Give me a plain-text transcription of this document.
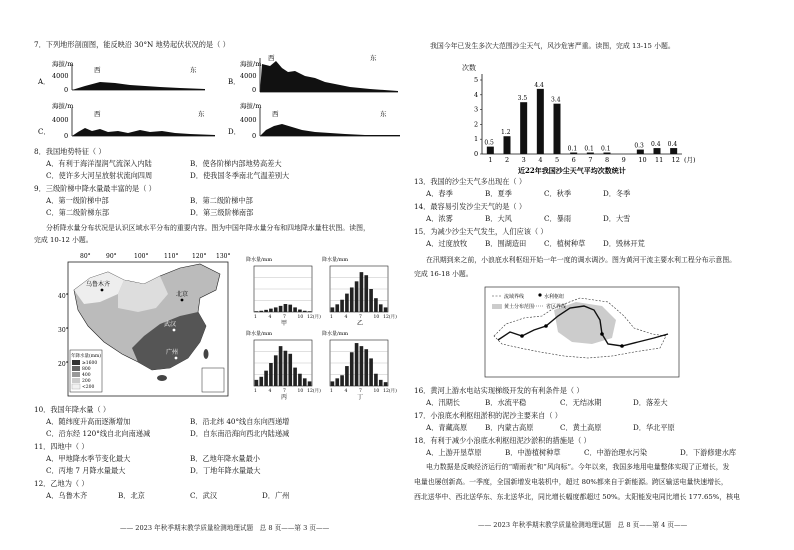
7．下列地形剖面图，能反映沿 30°N 地势起伏状况的是（ ）
A．
海拔/m
4000
0
西	东
B．
海拔/m
4000
0
西	东
C．
海拔/m
4000
0
西	东
D．
海拔/m
4000
0
西	东
8．我国地势特征（ ）
A．有利于海洋湿润气流深入内陆	B．使各阶梯内部地势高差大
C．使许多大河呈放射状流向四周	D．使我国冬季南北气温差别大
9．三级阶梯中降水量最丰富的是（ ）
A．第一级阶梯中部	B．第二级阶梯中部
C．第二级阶梯东部	D．第三级阶梯南部
分析降水量分布状况是认识区域水平分布的重要内容。图为中国年降水量分布和四地降水量柱状图。读图，
完成 10-12 小题。
80°	90°	100°	110° 120° 130°
40°
30°
20°
乌鲁木齐
北京
武汉
广州
年降水量(mm)
≥1600
800
400
200
<200
降水量/mm
1	4	7	10 12(月)
甲
降水量/mm
1	4	7	10 12(月)
乙
降水量/mm
1	4	7	10 12(月)
丙
降水量/mm
1	4	7	10 12(月)
丁
10．我国年降水量（ ）
A．随纬度升高而逐渐增加	B．沿北纬 40°线自东向西递增
C．沿东经 120°线自北向南递减	D．自东南沿海向西北内陆递减
11．四地中（ ）
A．甲地降水季节变化最大	B．乙地年降水量最小
C．丙地 7 月降水量最大	D．丁地年降水量最大
12．乙地为（ ）
A．乌鲁木齐	B．北京	C．武汉	D．广州
—— 2023 年秋季期末教学质量检测地理试题　总 8 页——第 3 页——
我国今年已发生多次大范围沙尘天气，风沙危害严重。读图，完成 13-15 小题。
次数
0
1
2
3
4
5
0.5
1
1.2
2
3.5
3
4.4
4
3.4
5
0.1
6
0.1
7
0.1
8 9
0.3
10
0.4
11
0.4
12 (月)
近22年我国沙尘天气平均次数统计
13．我国的沙尘天气多出现在（ ）
A．春季	B．夏季	C．秋季	D．冬季
14．最容易引发沙尘天气的是（ ）
A．浓雾	B．大风	C．暴雨	D．大雪
15．为减少沙尘天气发生，人们应该（ ）
A．过度放牧 B．围湖造田 C．植树种草 D．毁林开荒
在汛期到来之前，小浪底水利枢纽开始一年一度的调水调沙。图为黄河干流主要水利工程分布示意图。
完成 16-18 小题。
流域界线	水利枢纽
黄土分布范围 省区界线
16．黄河上游水电站实现梯级开发的有利条件是（ ）
A．汛期长	B．水流平稳	C．无结冰期	D．落差大
17．小浪底水利枢纽淤积的泥沙主要来自（ ）
A．青藏高原 B．内蒙古高原	C．黄土高原	D．华北平原
18．有利于减少小浪底水利枢纽泥沙淤积的措施是（ ）
A．上游开垦草原	B．中游植树种草	C．中游治理水污染	D．下游修建水库
电力数据是反映经济运行的“晴雨表”和“风向标”。今年以来，我国多地用电量整体实现了正增长，发
电量也屡创新高。一季度，全国新增发电装机中，超过 80%都来自于新能源。跨区输送电量快速增长，
西北送华中、西北送华东、东北送华北，同比增长幅度都超过 50%。太阳能发电同比增长 177.65%，核电
—— 2023 年秋季期末教学质量检测地理试题　总 8 页——第 4 页——
